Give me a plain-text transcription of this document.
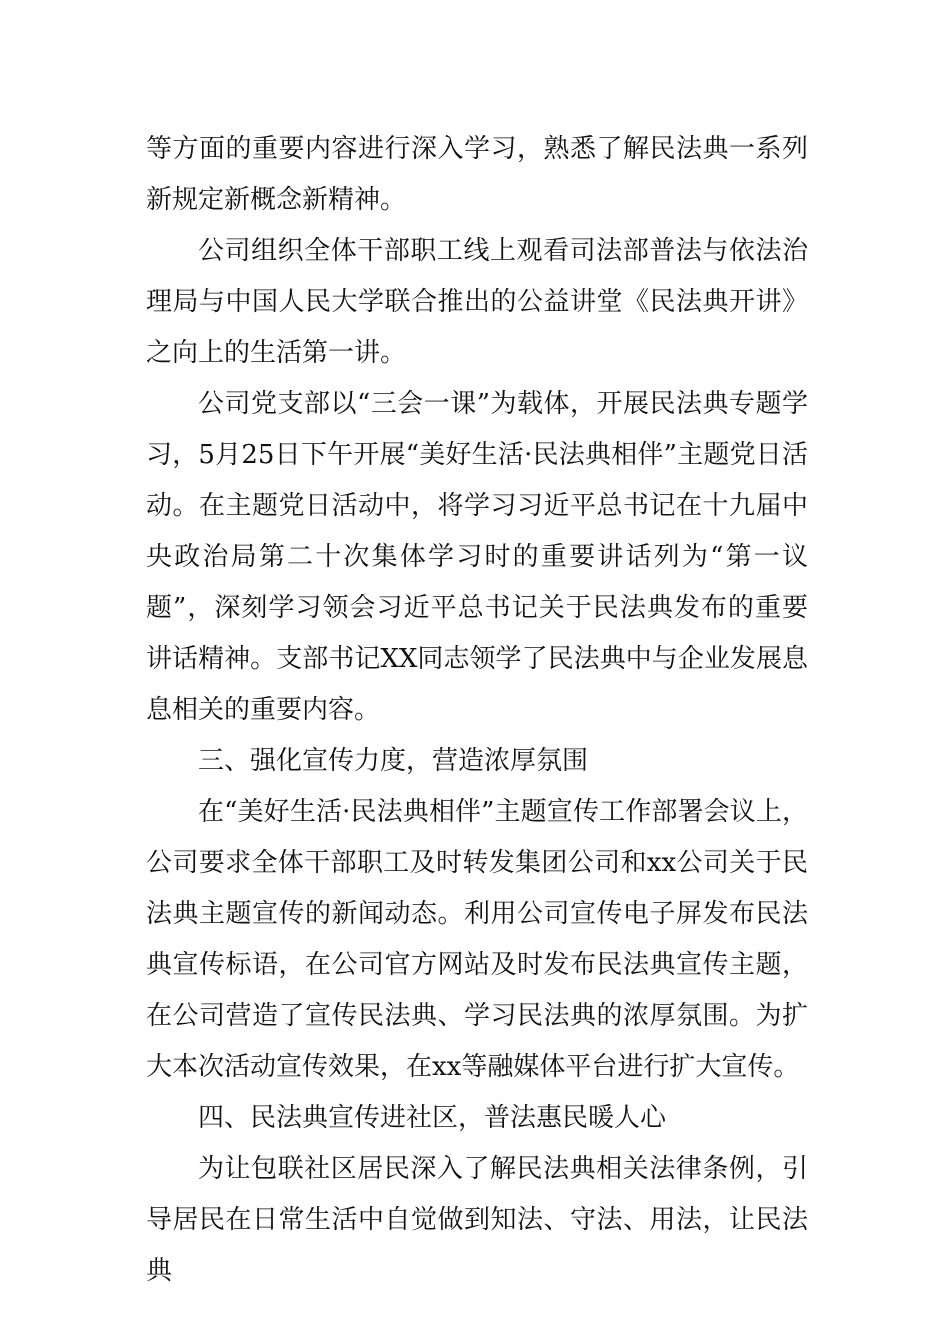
等方面的重要内容进行深入学习，熟悉了解民法典一系列新规定新概念新精神。

公司组织全体干部职工线上观看司法部普法与依法治理局与中国人民大学联合推出的公益讲堂《民法典开讲》之向上的生活第一讲。

公司党支部以“三会一课”为载体，开展民法典专题学习，5月25日下午开展“美好生活·民法典相伴”主题党日活动。在主题党日活动中，将学习习近平总书记在十九届中央政治局第二十次集体学习时的重要讲话列为“第一议题”，深刻学习领会习近平总书记关于民法典发布的重要讲话精神。支部书记XX同志领学了民法典中与企业发展息息相关的重要内容。

三、强化宣传力度，营造浓厚氛围

在“美好生活·民法典相伴”主题宣传工作部署会议上，公司要求全体干部职工及时转发集团公司和xx公司关于民法典主题宣传的新闻动态。利用公司宣传电子屏发布民法典宣传标语，在公司官方网站及时发布民法典宣传主题，在公司营造了宣传民法典、学习民法典的浓厚氛围。为扩大本次活动宣传效果，在xx等融媒体平台进行扩大宣传。

四、民法典宣传进社区，普法惠民暖人心

为让包联社区居民深入了解民法典相关法律条例，引导居民在日常生活中自觉做到知法、守法、用法，让民法典
